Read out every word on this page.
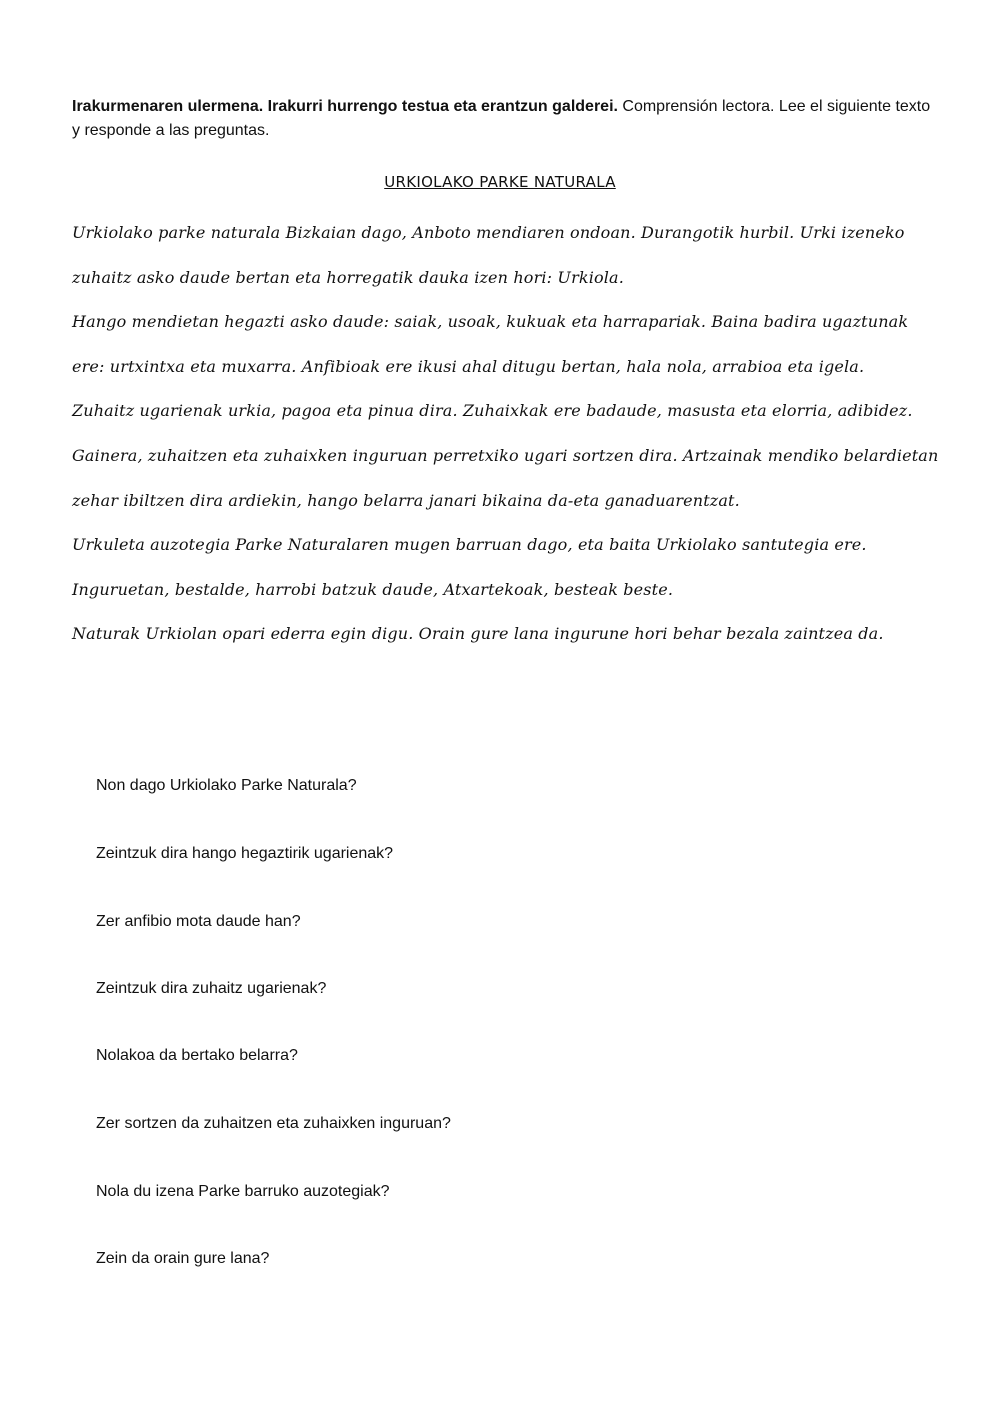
Irakurmenaren ulermena. Irakurri hurrengo testua eta erantzun galderei. Comprensión lectora. Lee el siguiente texto y responde a las preguntas.
URKIOLAKO PARKE NATURALA

Urkiolako parke naturala Bizkaian dago, Anboto mendiaren ondoan. Durangotik hurbil. Urki izeneko zuhaitz asko daude bertan eta horregatik dauka izen hori: Urkiola.

Hango mendietan hegazti asko daude: saiak, usoak, kukuak eta harrapariak. Baina badira ugaztunak ere: urtxintxa eta muxarra. Anfibioak ere ikusi ahal ditugu bertan, hala nola, arrabioa eta igela.

Zuhaitz ugarienak urkia, pagoa eta pinua dira. Zuhaixkak ere badaude, masusta eta elorria, adibidez. Gainera, zuhaitzen eta zuhaixken inguruan perretxiko ugari sortzen dira. Artzainak mendiko belardietan zehar ibiltzen dira ardiekin, hango belarra janari bikaina da-eta ganaduarentzat.

Urkuleta auzotegia Parke Naturalaren mugen barruan dago, eta baita Urkiolako santutegia ere. Inguruetan, bestalde, harrobi batzuk daude, Atxartekoak, besteak beste.

Naturak Urkiolan opari ederra egin digu. Orain gure lana ingurune hori behar bezala zaintzea da.

Non dago Urkiolako Parke Naturala?
Zeintzuk dira hango hegaztirik ugarienak?
Zer anfibio mota daude han?
Zeintzuk dira zuhaitz ugarienak?
Nolakoa da bertako belarra?
Zer sortzen da zuhaitzen eta zuhaixken inguruan?
Nola du izena Parke barruko auzotegiak?
Zein da orain gure lana?
